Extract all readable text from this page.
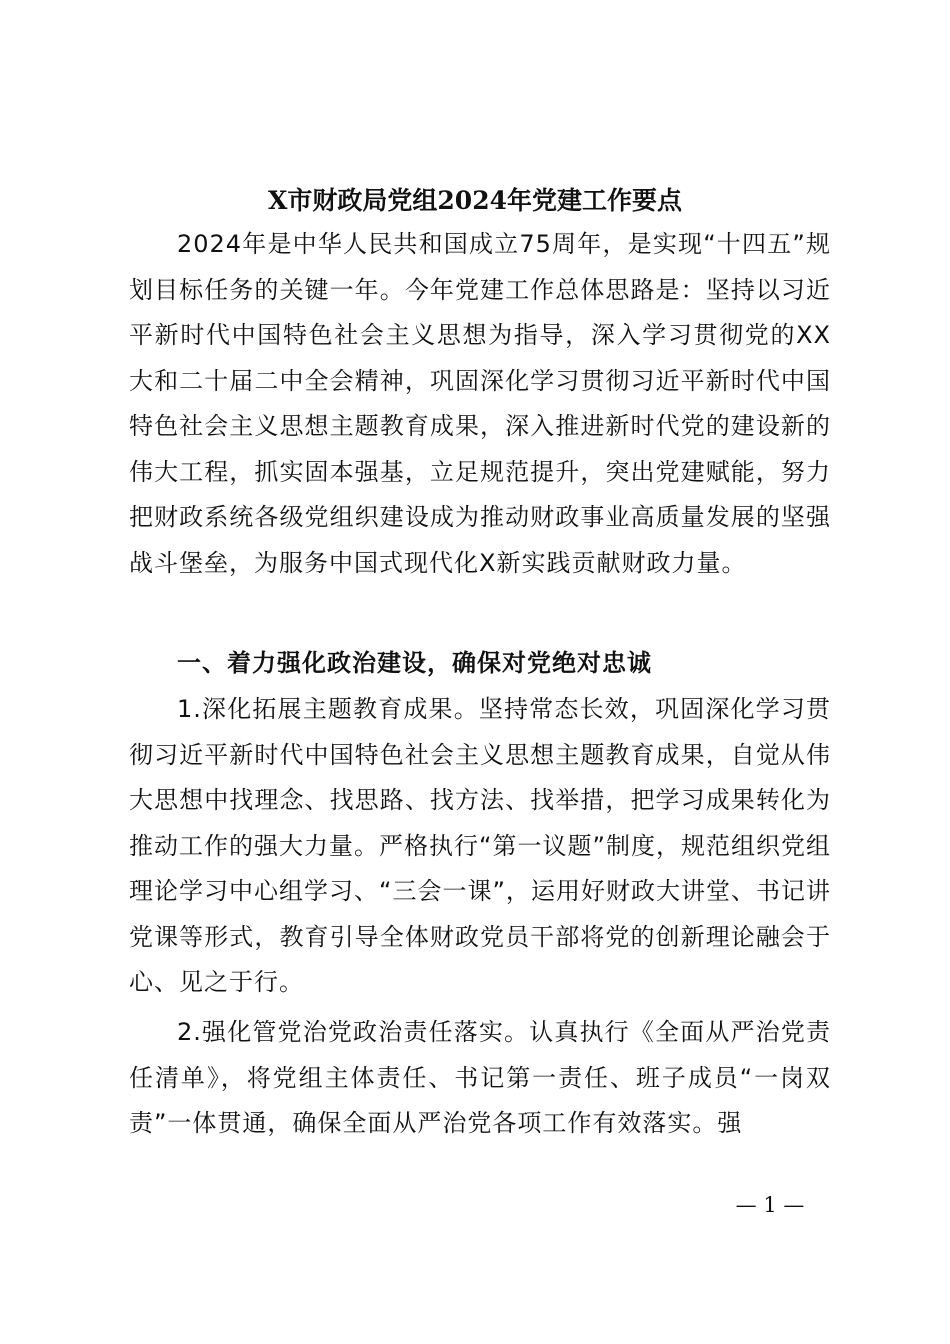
X市财政局党组2024年党建工作要点
2024年是中华人民共和国成立75周年，是实现“十四五”规划目标任务的关键一年。今年党建工作总体思路是：坚持以习近平新时代中国特色社会主义思想为指导，深入学习贯彻党的XX大和二十届二中全会精神，巩固深化学习贯彻习近平新时代中国特色社会主义思想主题教育成果，深入推进新时代党的建设新的伟大工程，抓实固本强基，立足规范提升，突出党建赋能，努力把财政系统各级党组织建设成为推动财政事业高质量发展的坚强战斗堡垒，为服务中国式现代化X新实践贡献财政力量。
一、着力强化政治建设，确保对党绝对忠诚
1.深化拓展主题教育成果。坚持常态长效，巩固深化学习贯彻习近平新时代中国特色社会主义思想主题教育成果，自觉从伟大思想中找理念、找思路、找方法、找举措，把学习成果转化为推动工作的强大力量。严格执行“第一议题”制度，规范组织党组理论学习中心组学习、“三会一课”，运用好财政大讲堂、书记讲党课等形式，教育引导全体财政党员干部将党的创新理论融会于心、见之于行。
2.强化管党治党政治责任落实。认真执行《全面从严治党责任清单》，将党组主体责任、书记第一责任、班子成员“一岗双责”一体贯通，确保全面从严治党各项工作有效落实。强
— 1 —
